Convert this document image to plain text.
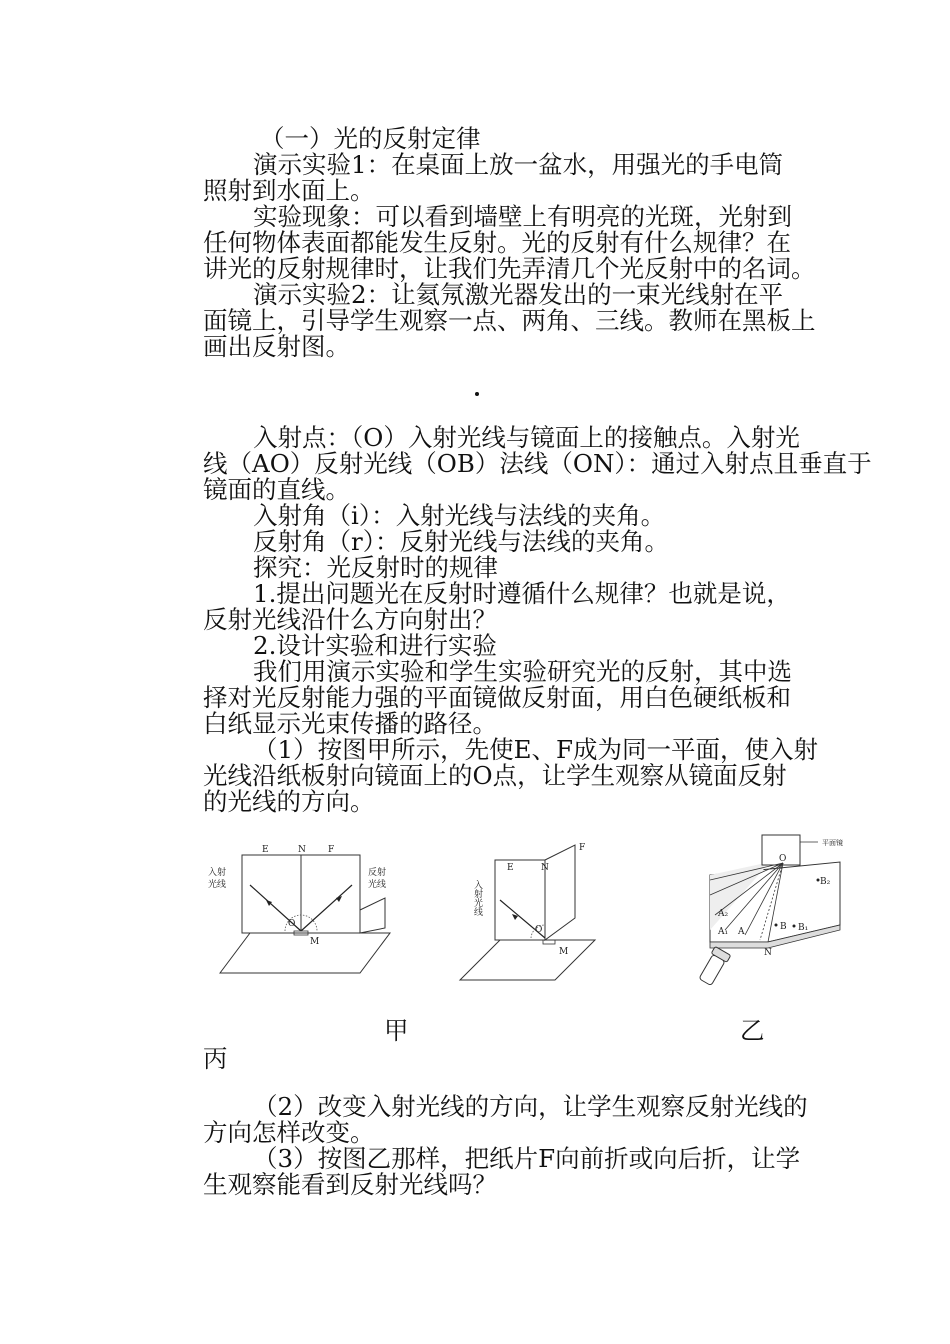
（一）光的反射定律
演示实验1：在桌面上放一盆水，用强光的手电筒
照射到水面上。
实验现象：可以看到墙壁上有明亮的光斑，光射到
任何物体表面都能发生反射。光的反射有什么规律？在
讲光的反射规律时，让我们先弄清几个光反射中的名词。
演示实验2：让氦氖激光器发出的一束光线射在平
面镜上，引导学生观察一点、两角、三线。教师在黑板上
画出反射图。
入射点：（O）入射光线与镜面上的接触点。入射光
线（AO）反射光线（OB）法线（ON）：通过入射点且垂直于
镜面的直线。
入射角（i）：入射光线与法线的夹角。
反射角（r）：反射光线与法线的夹角。
探究：光反射时的规律
1.提出问题光在反射时遵循什么规律？也就是说，
反射光线沿什么方向射出？
2.设计实验和进行实验
我们用演示实验和学生实验研究光的反射，其中选
择对光反射能力强的平面镜做反射面，用白色硬纸板和
白纸显示光束传播的路径。
（1）按图甲所示，先使E、F成为同一平面，使入射
光线沿纸板射向镜面上的O点，让学生观察从镜面反射
的光线的方向。
E	N F
O
M
入射
光线
反射
光线
E	N
F
O
M
入射光线
平面镜
O
A
A₁
A₂
B B₁
B₂
N
甲	乙
丙
（2）改变入射光线的方向，让学生观察反射光线的
方向怎样改变。
（3）按图乙那样，把纸片F向前折或向后折，让学
生观察能看到反射光线吗？
